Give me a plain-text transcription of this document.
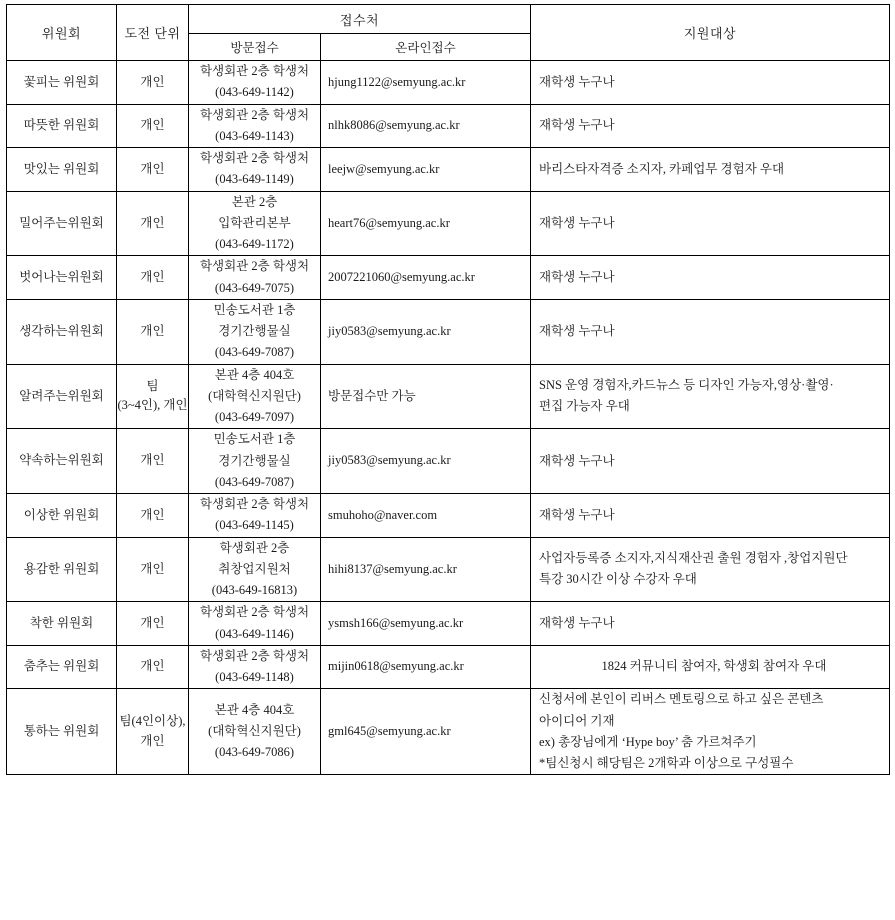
위원회	도전 단위	접수처		지원대상
		방문접수	온라인접수	
꽃피는 위원회	개인	학생회관 2층 학생처
(043-649-1142)	hjung1122@semyung.ac.kr	재학생 누구나

따뜻한 위원회	개인	학생회관 2층 학생처
(043-649-1143)	nlhk8086@semyung.ac.kr	재학생 누구나

맛있는 위원회	개인	학생회관 2층 학생처
(043-649-1149)	leejw@semyung.ac.kr	바리스타자격증 소지자, 카페업무 경험자 우대

밀어주는위원회	개인	본관 2층
입학관리본부
(043-649-1172)	heart76@semyung.ac.kr	재학생 누구나

벗어나는위원회	개인	학생회관 2층 학생처
(043-649-7075)	2007221060@semyung.ac.kr	재학생 누구나

생각하는위원회	개인	민송도서관 1층
경기간행물실
(043-649-7087)	jiy0583@semyung.ac.kr	재학생 누구나

알려주는위원회	팀
(3~4인), 개인	본관 4층 404호
(대학혁신지원단)
(043-649-7097)	방문접수만 가능	SNS 운영 경험자,카드뉴스 등 디자인 가능자,영상·촬영·
편집 가능자 우대

약속하는위원회	개인	민송도서관 1층
경기간행물실
(043-649-7087)	jiy0583@semyung.ac.kr	재학생 누구나

이상한 위원회	개인	학생회관 2층 학생처
(043-649-1145)	smuhoho@naver.com	재학생 누구나

용감한 위원회	개인	학생회관 2층
취창업지원처
(043-649-16813)	hihi8137@semyung.ac.kr	사업자등록증 소지자,지식재산권 출원 경험자 ,창업지원단
특강 30시간 이상 수강자 우대

착한 위원회	개인	학생회관 2층 학생처
(043-649-1146)	ysmsh166@semyung.ac.kr	재학생 누구나

춤추는 위원회	개인	학생회관 2층 학생처
(043-649-1148)	mijin0618@semyung.ac.kr	1824 커뮤니티 참여자, 학생회 참여자 우대

통하는 위원회	팀(4인이상),
개인	본관 4층 404호
(대학혁신지원단)
(043-649-7086)	gml645@semyung.ac.kr	신청서에 본인이 리버스 멘토링으로 하고 싶은 콘텐츠
아이디어 기재
ex) 총장님에게 ‘Hype boy’ 춤 가르쳐주기
*팀신청시 해당팀은 2개학과 이상으로 구성필수
